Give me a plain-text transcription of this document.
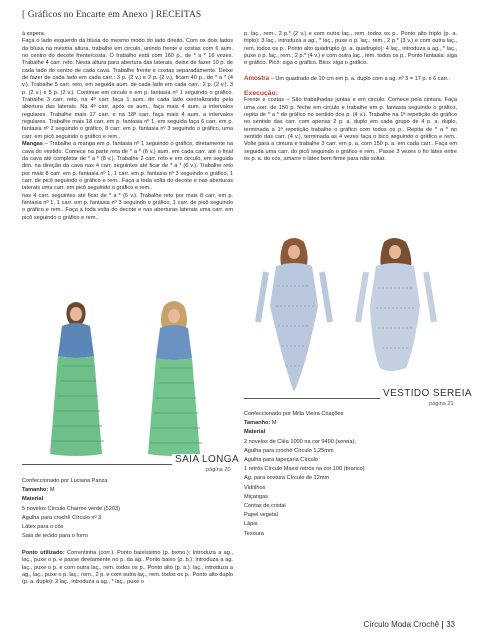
[ Gráficos no Encarte em Anexo ] RECEITAS

à espera.

Faça o lado esquerdo da blusa do mesmo modo do lado direito. Com os dois lados da blusa na mesma altura, trabalhe em circulo, unindo frente e costas com 6 aum. no centro do decote frente/costa. O trabalho está com 160 p., de * a * 16 vezes. Trabalhe 4 carr. reto. Nesta altura para abertura das laterais, deixe de fazer 10 p. de cada lado do centro de cada cava. Trabalhe frente e costas separadamente. Deixe de fazer de cada lado em cada carr.: 3 p. (2 v.) e 2 p. (2 v.), ficam 40 p., de * a * (4 v.). Trabalhe 5 carr. reto, em seguida aum. de cada lado em cada carr.: 2 p. (2 v.), 3 p. (2 v.) e 5 p. (2 v.). Continue em circulo e em p. fantasia nº 1 seguindo o gráfico. Trabalhe 3 carr. reto, na 4ª carr. faça 1 aum. de cada lado centralizando pela abertura das laterais. Na 4ª carr. após os aum., faça mais 4 aum. a intervalos regulares. Trabalhe mais 17 carr. e na 18ª carr. faça mais 4 aum. a intervalos regulares. Trabalhe mais 18 carr. em p. fantasia nº 1, em seguida faça 6 carr. em p. fantasia nº 2 seguindo o gráfico, 8 carr. em p. fantasia nº 3 seguindo o gráfico, uma carr. em picô seguindo o gráfico e rem..

Mangas – Trabalhe a manga em p. fantasia nº 1 seguindo o gráfico, diretamente na cava do vestido. Comece na parte reta de * a * (6 v.) aum. em cada carr. até o final da cava até completar de * a * (8 v.). Trabalhe 2 carr. reto e em circulo, em seguida dim. na direção da cava nas 4 carr. seguintes até ficar de * a * (6 v.). Trabalhe reto por mais 8 carr. em p. fantasia nº 1, 1 carr. em p. fantasia nº 3 seguindo o gráfico, 1 carr. de picô seguindo o gráfico e rem.. Faça a toda volta do decote e nas aberturas laterais uma carr. em picô seguindo o gráfico e rem..

nas 4 carr. seguintes até ficar de * a * (6 v.). Trabalhe reto por mais 8 carr. em p. fantasia nº 1, 1 carr. em p. fantasia nº 3 seguindo o gráfico, 1 carr. de picô seguindo o gráfico e rem.. Faça a toda volta do decote e nas aberturas laterais uma carr. em picô seguindo o gráfico e rem..

SAIA LONGA
página 20
Confeccionado por Luciana Panza
Tamanho: M
Material
5 novelos Círculo Charme verde (5203)
Agulha para crochê Círculo nº 3
Látex para o cós
Saia de tecido para o forro

Ponto utilizado: Correntinha (corr.). Ponto baixíssimo (p. bxmo.): Introduza a ag., laç., puxe o p. e passe diretamente no p. da ag.. Ponto baixo (p. b.): introduza a ag. laç., puxe o p. e com outra laç., rem. todos os p.. Ponto alto (p. a.): laç., introduza a ag., laç., puxe o p. laç., rem., 2 p. e com outra laç., rem. todos os p.. Ponto alto duplo (p. a. duplo): 2 laç., introduza a ag., * laç., puxe o

p. laç., rem., 2 p.* (2 v.) e com outra laç., rem. todos os p.. Ponto alto triplo (p. a. triplo): 3 laç., introduza a ag., * laç., puxe o p. laç., rem., 2 p.* (3 v.) e com outra laç., rem. todos os p.. Ponto alto quádruplo (p. a. quadruplo): 4 laç., introduza a ag., * laç., puxe o p. laç., rem., 2 p.* (4 v.) e com outra laç., rem. todos os p.. Ponto fantasia: siga o gráfico. Picô: siga o gráfico. Bico: siga o gráfico.

Amostra – Um quadrado de 10 cm em p. a. duplo com a ag. nº 3 = 17 p. x 6 carr..

Execução:

Frente e costas – São trabalhadas juntas e em circulo. Comece pela cintura. Faça uma corr. de 150 p. feche em circulo e trabalhe em p. fantasia seguindo o gráfico, repita de * a * do gráfico no sentido dos p. (4 v.). Trabalhe na 1ª repetição do gráfico no sentido das carr. com apenas 2 p. a. duplo em cada grupo de 4 p. a. duplo, terminada a 1ª repetição trabalhe o gráfico com todos os p.. Repita de * a * no sentido das carr. (4 v.), terminada as 4 vezes faça o bico seguindo o gráfico e rem.. Volte para a cintura e trabalhe 3 carr. em p. a. com 150 p. a. em cada carr.. Faça em seguida uma carr. do picô seguindo o gráfico e rem.. Passe 3 vezes o fio látex entre os p. a. do cós, amarre o látex bem firme para não soltar.

VESTIDO SEREIA
página 21
Confeccionado por Milla Vieira Criações
Tamanho: M
Material
2 novelos de Cléa 1000 na cor 9490 (sereia);
Agulha para crochê Círculo 1,25mm
Agulha para tapeçaria Círculo
1 retrós Círculo Maxxi retrós na cor 100 (branco)
Ag. para costura Círculo de 12mm
Vidrilhos
Miçangas
Contas de cristal
Papel vegetal
Lápis
Tesoura
Círculo Moda Crochê 33
